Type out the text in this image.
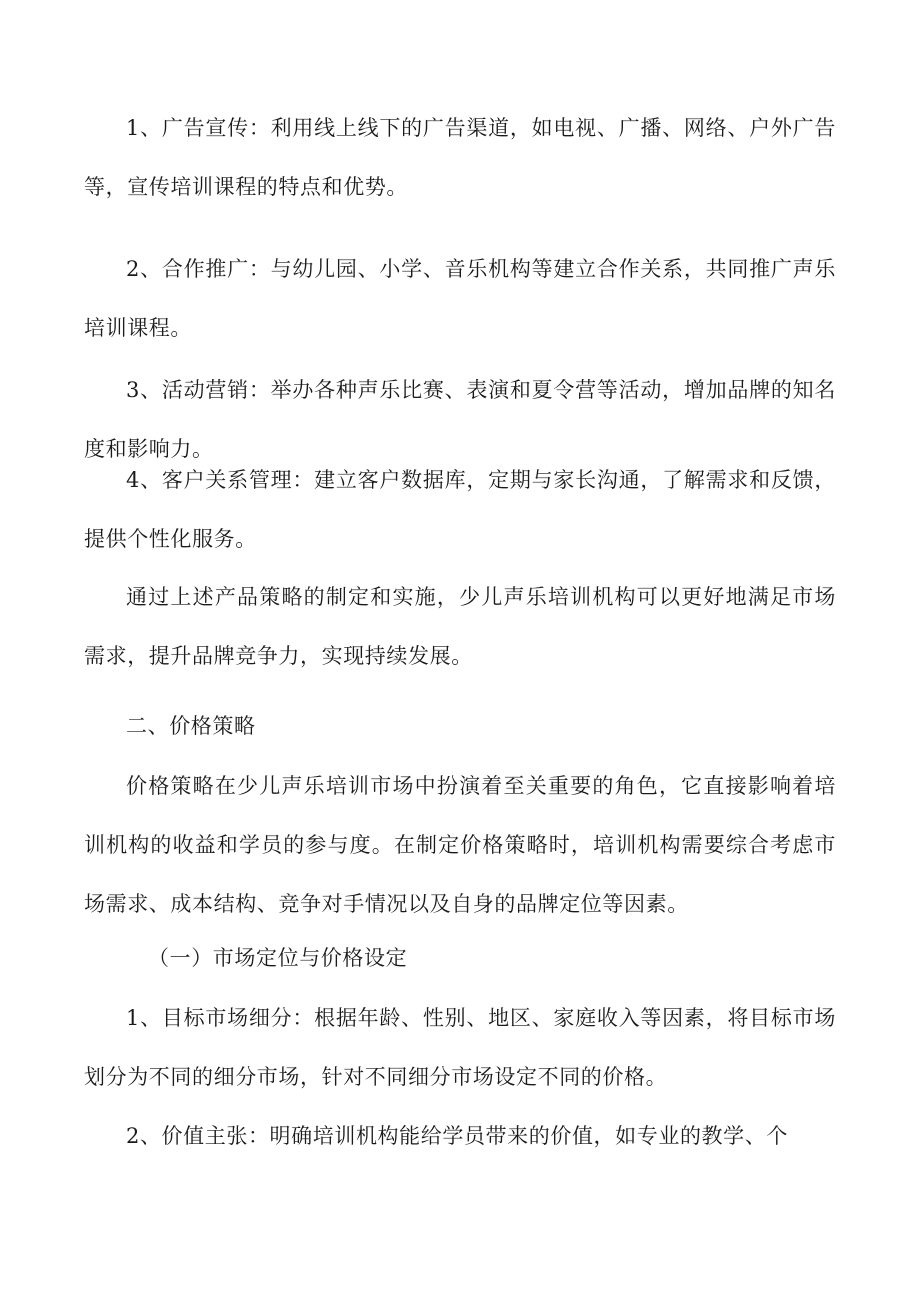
1、广告宣传：利用线上线下的广告渠道，如电视、广播、网络、户外广告等，宣传培训课程的特点和优势。

2、合作推广：与幼儿园、小学、音乐机构等建立合作关系，共同推广声乐培训课程。

3、活动营销：举办各种声乐比赛、表演和夏令营等活动，增加品牌的知名度和影响力。

4、客户关系管理：建立客户数据库，定期与家长沟通，了解需求和反馈，提供个性化服务。

通过上述产品策略的制定和实施，少儿声乐培训机构可以更好地满足市场需求，提升品牌竞争力，实现持续发展。

二、价格策略

价格策略在少儿声乐培训市场中扮演着至关重要的角色，它直接影响着培训机构的收益和学员的参与度。在制定价格策略时，培训机构需要综合考虑市场需求、成本结构、竞争对手情况以及自身的品牌定位等因素。

（一）市场定位与价格设定

1、目标市场细分：根据年龄、性别、地区、家庭收入等因素，将目标市场划分为不同的细分市场，针对不同细分市场设定不同的价格。

2、价值主张：明确培训机构能给学员带来的价值，如专业的教学、个
